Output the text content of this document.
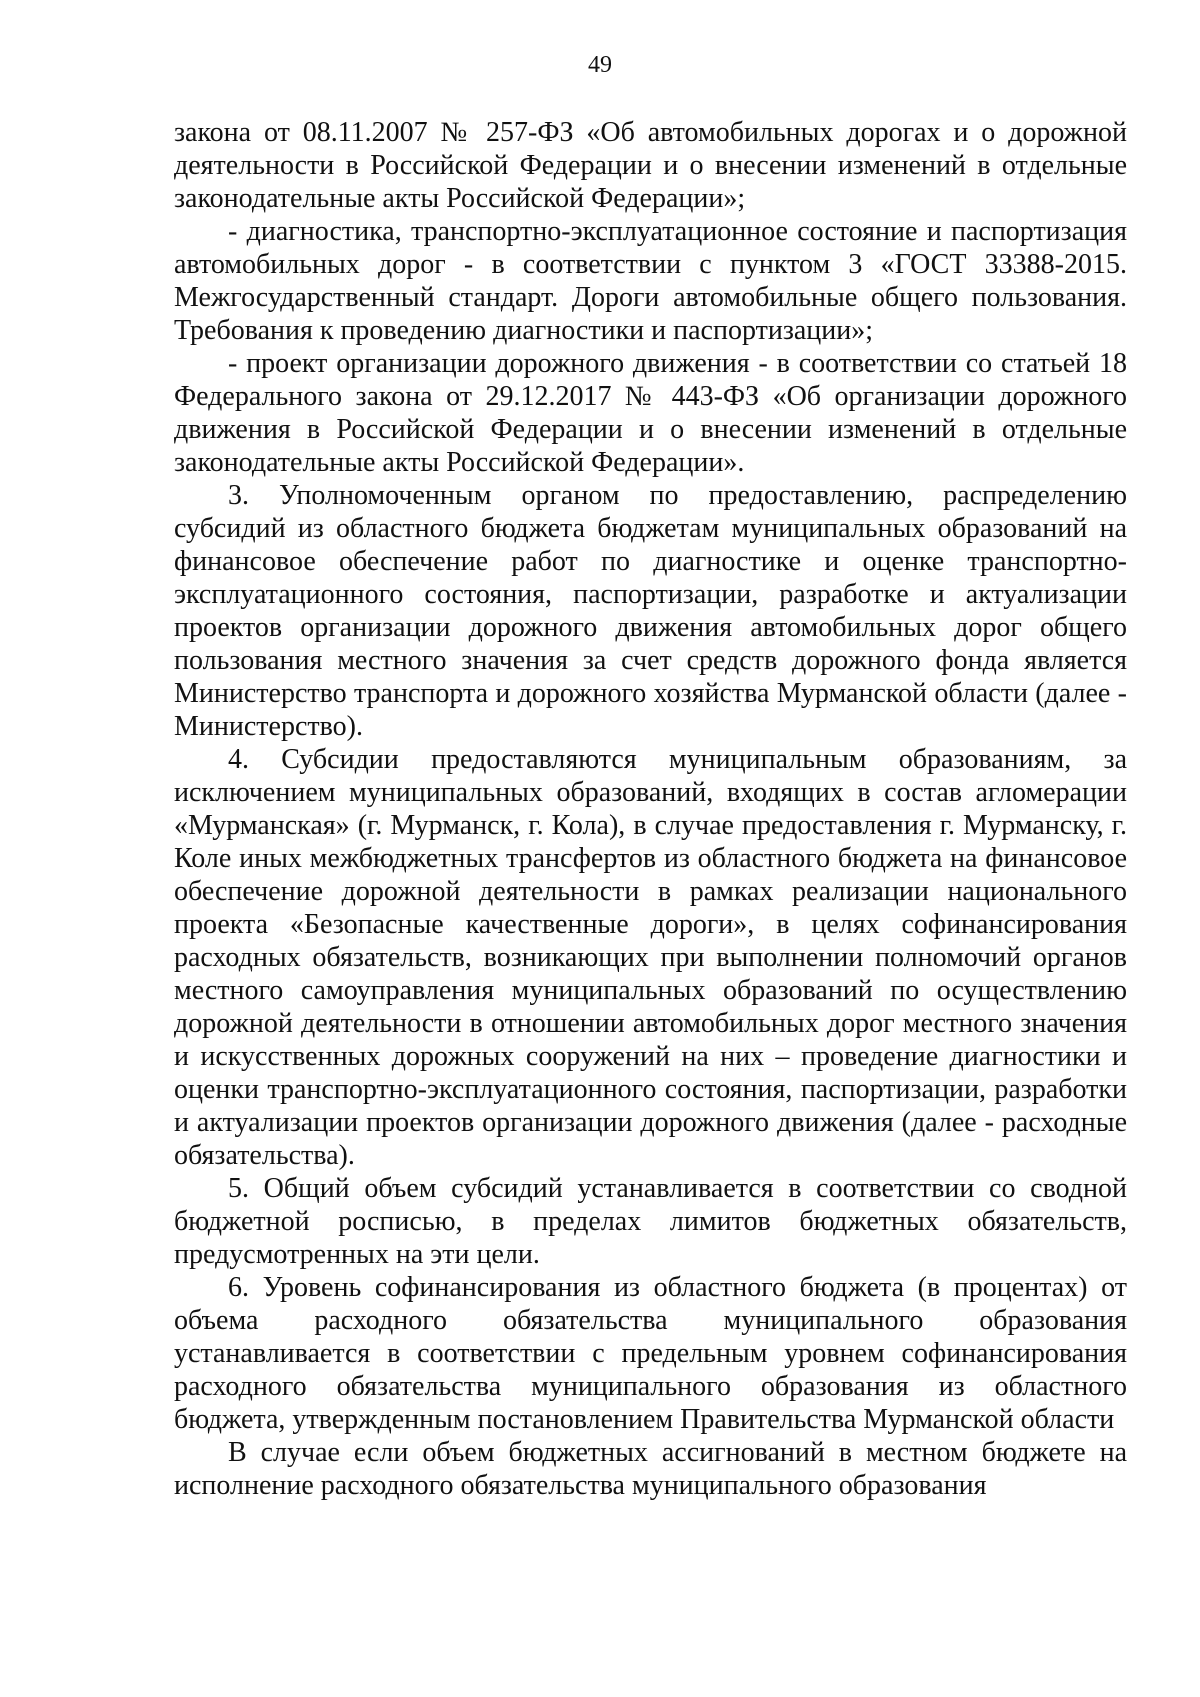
49

закона от 08.11.2007 № 257-ФЗ «Об автомобильных дорогах и о дорожной деятельности в Российской Федерации и о внесении изменений в отдельные законодательные акты Российской Федерации»;

- диагностика, транспортно-эксплуатационное состояние и паспортизация автомобильных дорог - в соответствии с пунктом 3 «ГОСТ 33388-2015. Межгосударственный стандарт. Дороги автомобильные общего пользования. Требования к проведению диагностики и паспортизации»;

- проект организации дорожного движения - в соответствии со статьей 18 Федерального закона от 29.12.2017 № 443-ФЗ «Об организации дорожного движения в Российской Федерации и о внесении изменений в отдельные законодательные акты Российской Федерации».

3. Уполномоченным органом по предоставлению, распределению субсидий из областного бюджета бюджетам муниципальных образований на финансовое обеспечение работ по диагностике и оценке транспортно-эксплуатационного состояния, паспортизации, разработке и актуализации проектов организации дорожного движения автомобильных дорог общего пользования местного значения за счет средств дорожного фонда является Министерство транспорта и дорожного хозяйства Мурманской области (далее - Министерство).

4. Субсидии предоставляются муниципальным образованиям, за исключением муниципальных образований, входящих в состав агломерации «Мурманская» (г. Мурманск, г. Кола), в случае предоставления г. Мурманску, г. Коле иных межбюджетных трансфертов из областного бюджета на финансовое обеспечение дорожной деятельности в рамках реализации национального проекта «Безопасные качественные дороги», в целях софинансирования расходных обязательств, возникающих при выполнении полномочий органов местного самоуправления муниципальных образований по осуществлению дорожной деятельности в отношении автомобильных дорог местного значения и искусственных дорожных сооружений на них – проведение диагностики и оценки транспортно-эксплуатационного состояния, паспортизации, разработки и актуализации проектов организации дорожного движения (далее - расходные обязательства).

5. Общий объем субсидий устанавливается в соответствии со сводной бюджетной росписью, в пределах лимитов бюджетных обязательств, предусмотренных на эти цели.

6. Уровень софинансирования из областного бюджета (в процентах) от объема расходного обязательства муниципального образования устанавливается в соответствии с предельным уровнем софинансирования расходного обязательства муниципального образования из областного бюджета, утвержденным постановлением Правительства Мурманской области

В случае если объем бюджетных ассигнований в местном бюджете на исполнение расходного обязательства муниципального образования
